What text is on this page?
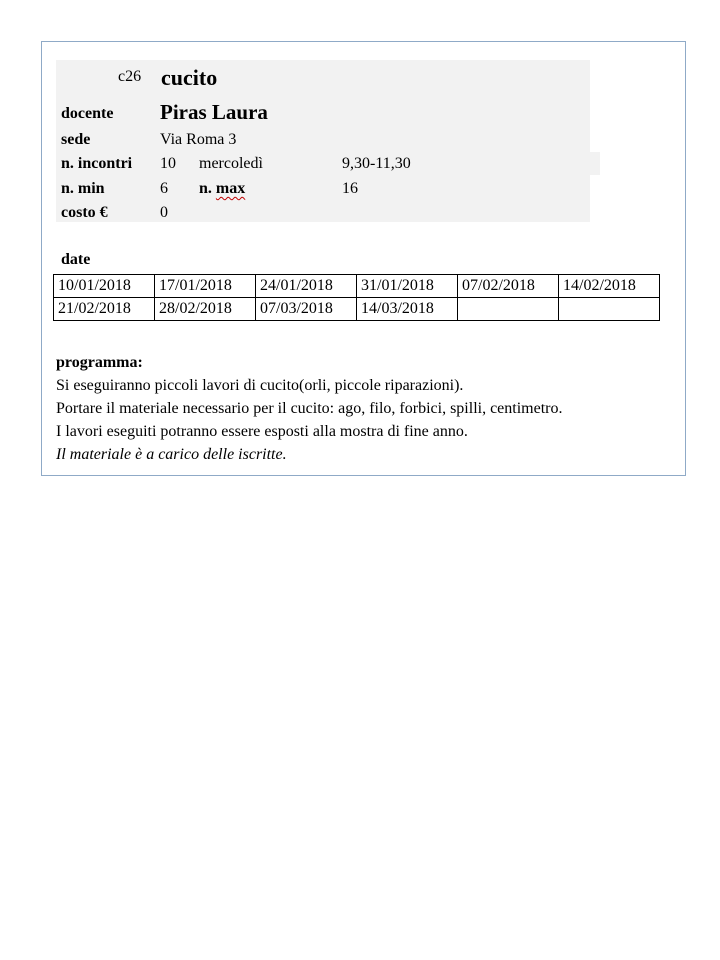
c26 cucito
docente Piras Laura
sede	Via Roma 3
n. incontri 10 mercoledì	9,30-11,30
n. min	6 n. max	16
costo €	0
date
10/01/2018	17/01/2018	24/01/2018	31/01/2018	07/02/2018	14/02/2018
21/02/2018	28/02/2018	07/03/2018	14/03/2018		
programma:
Si eseguiranno piccoli lavori di cucito(orli, piccole riparazioni).
Portare il materiale necessario per il cucito: ago, filo, forbici, spilli, centimetro.
I lavori eseguiti potranno essere esposti alla mostra di fine anno.
Il materiale è a carico delle iscritte.
